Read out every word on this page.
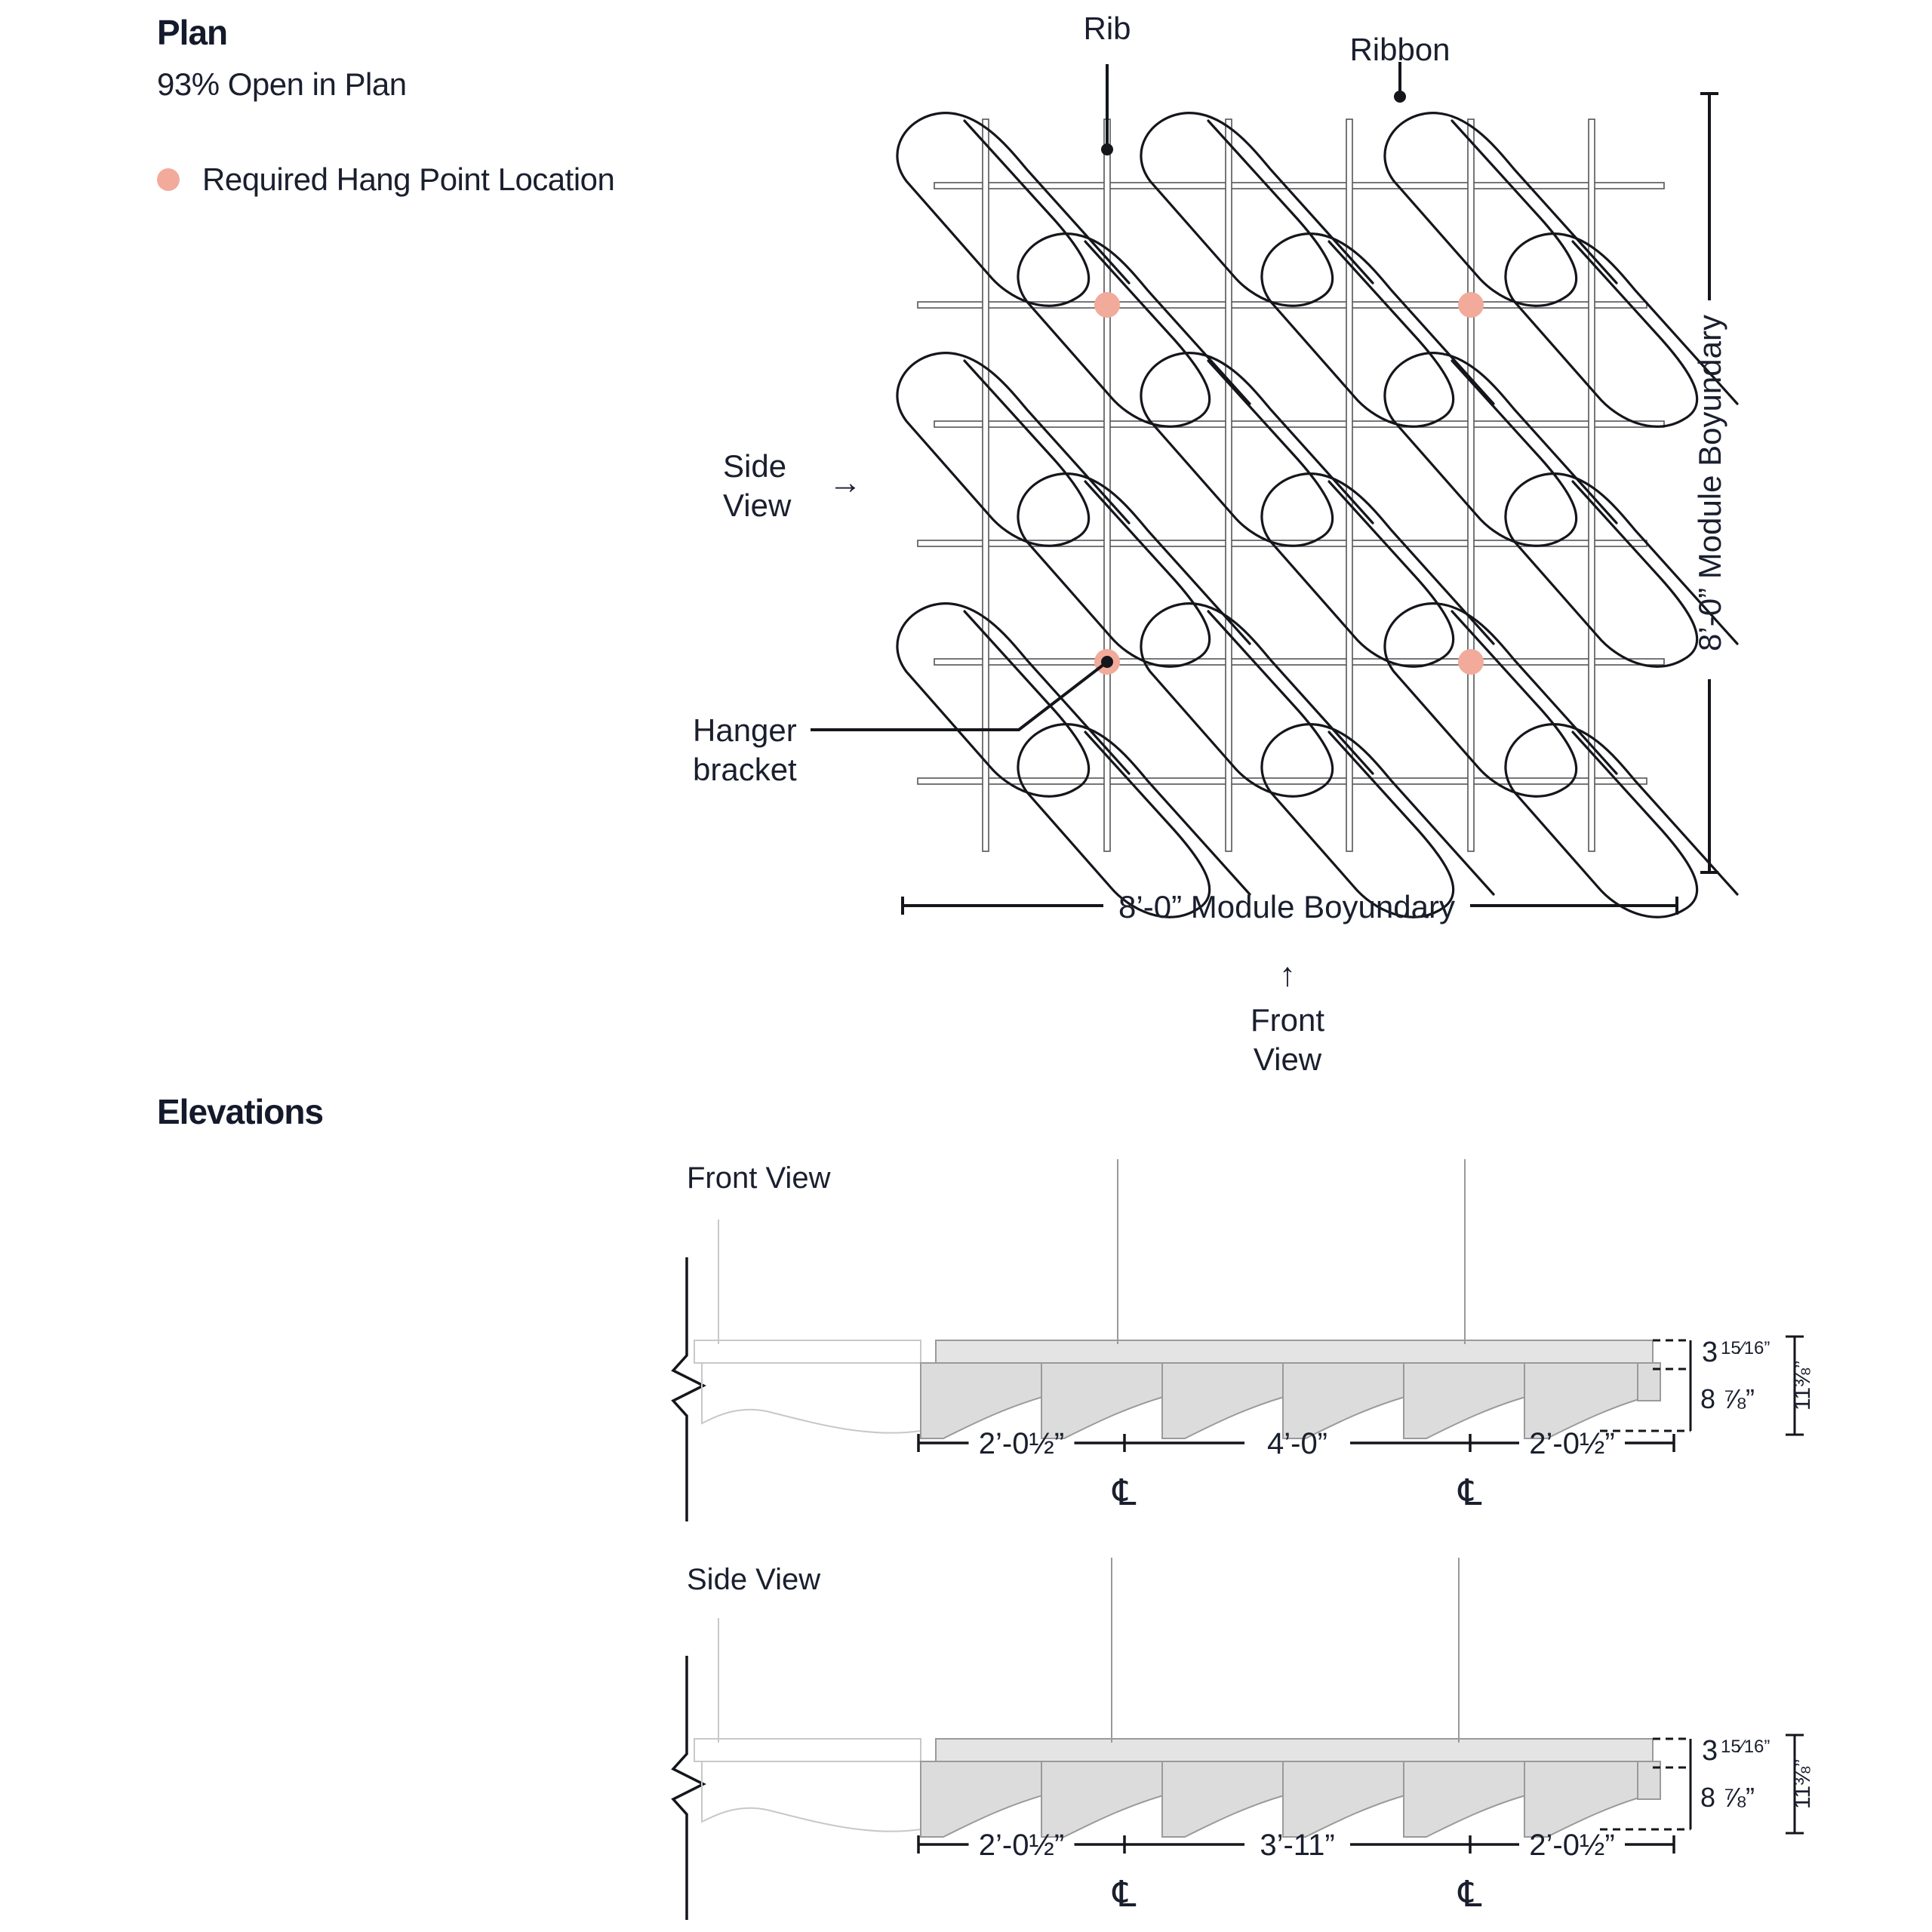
Plan
93% Open in Plan
Required Hang Point Location
Elevations
Rib
Ribbon
Side
View
→
Hanger
bracket
8’-0” Module Boyundary
8’-0” Module Boyundary
↑
Front
View
Front View
3 15⁄16”
8 ⅞” 11⅜”
2’-0½”	4’-0”	2’-0½”
℄	℄
Side View
3 15⁄16”
8 ⅞” 11⅜”
2’-0½”	3’-11”	2’-0½”
℄	℄
